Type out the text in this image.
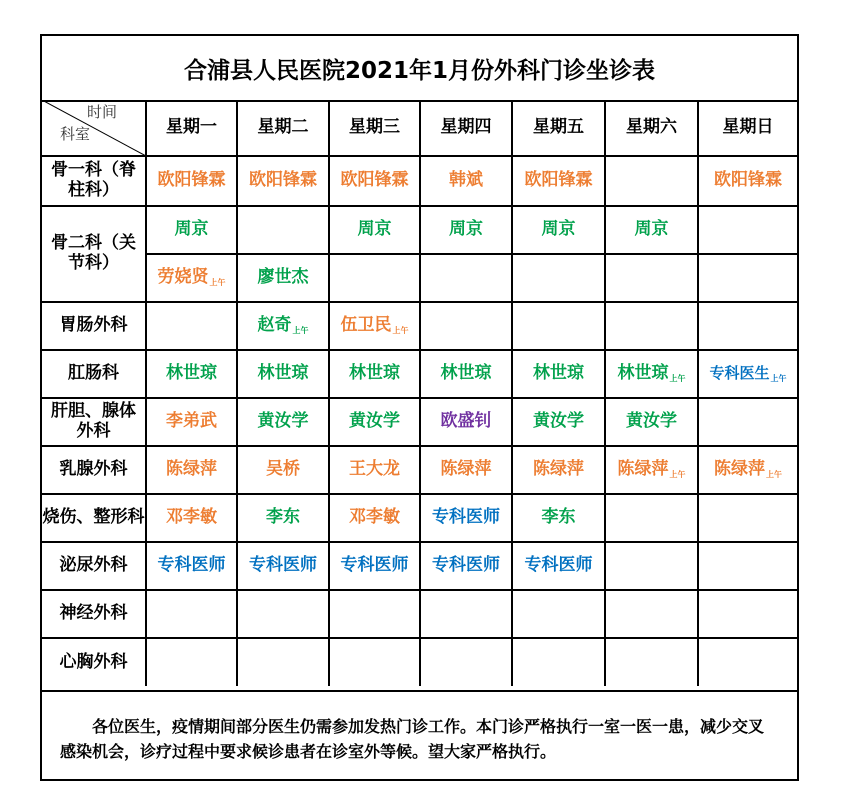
合浦县人民医院2021年1月份外科门诊坐诊表
时间
科室	星期一	星期二	星期三	星期四	星期五	星期六	星期日
骨一科（脊柱科）	欧阳锋霖	欧阳锋霖	欧阳锋霖	韩斌	欧阳锋霖		欧阳锋霖
骨二科（关节科）	周京		周京	周京	周京	周京	
	劳娆贤$_{上午}$	廖世杰					
胃肠外科		赵奇$_{上午}$	伍卫民$_{上午}$				
肛肠科	林世琼	林世琼	林世琼	林世琼	林世琼	林世琼$_{上午}$	专科医生$_{上午}$
肝胆、腺体外科	李弟武	黄汝学	黄汝学	欧盛钊	黄汝学	黄汝学	
乳腺外科	陈绿萍	吴桥	王大龙	陈绿萍	陈绿萍	陈绿萍$_{上午}$	陈绿萍$_{上午}$
烧伤、整形科	邓李敏	李东	邓李敏	专科医师	李东		
泌尿外科	专科医师	专科医师	专科医师	专科医师	专科医师		
神经外科							
心胸外科							
各位医生，疫情期间部分医生仍需参加发热门诊工作。本门诊严格执行一室一医一患，减少交叉感染机会，诊疗过程中要求候诊患者在诊室外等候。望大家严格执行。
